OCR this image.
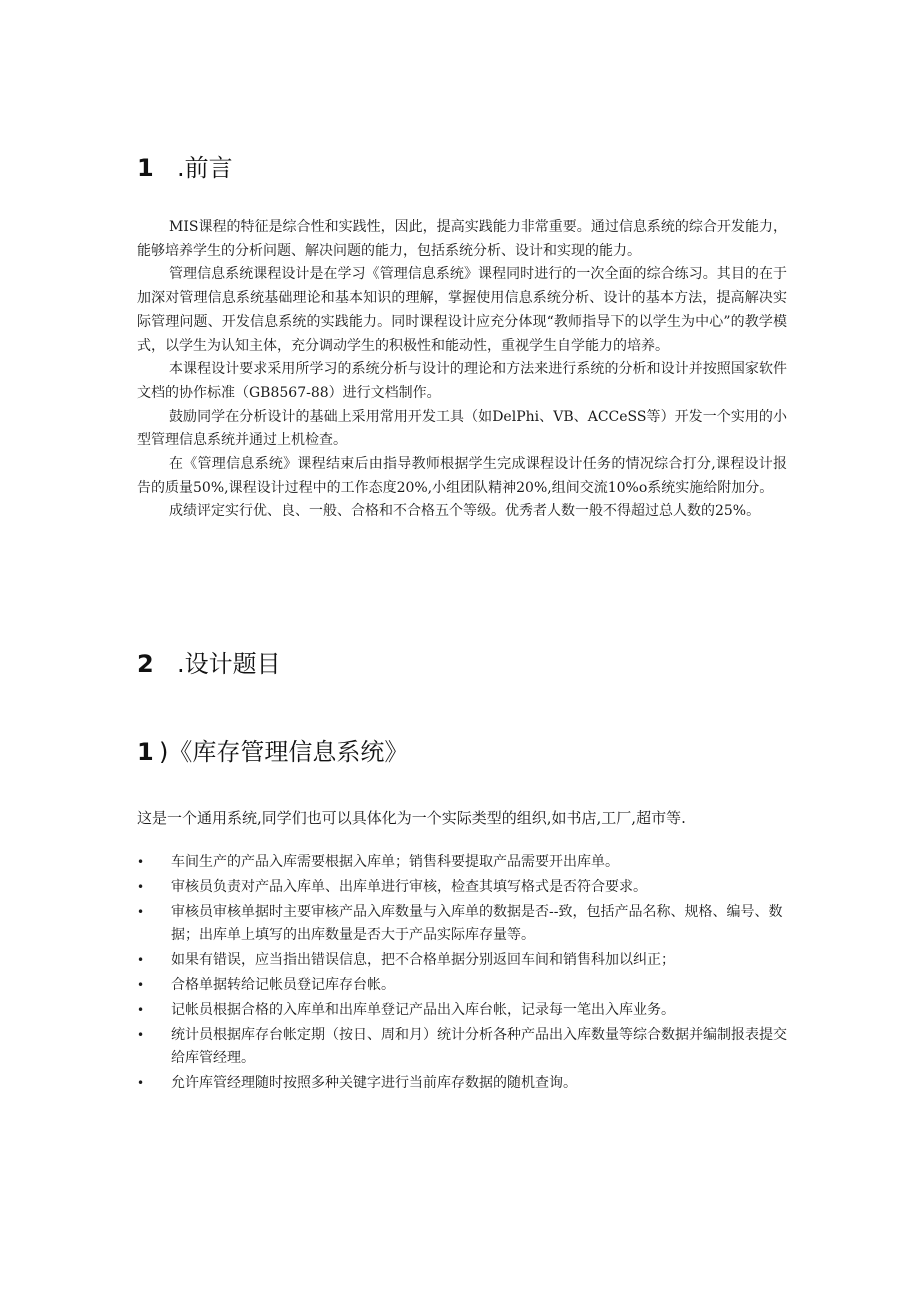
1 .前言

MIS课程的特征是综合性和实践性，因此，提高实践能力非常重要。通过信息系统的综合开发能力，能够培养学生的分析问题、解决问题的能力，包括系统分析、设计和实现的能力。

管理信息系统课程设计是在学习《管理信息系统》课程同时进行的一次全面的综合练习。其目的在于加深对管理信息系统基础理论和基本知识的理解，掌握使用信息系统分析、设计的基本方法，提高解决实际管理问题、开发信息系统的实践能力。同时课程设计应充分体现“教师指导下的以学生为中心”的教学模式，以学生为认知主体，充分调动学生的积极性和能动性，重视学生自学能力的培养。

本课程设计要求采用所学习的系统分析与设计的理论和方法来进行系统的分析和设计并按照国家软件文档的协作标准（GB8567-88）进行文档制作。

鼓励同学在分析设计的基础上采用常用开发工具（如DelPhi、VB、ACCeSS等）开发一个实用的小型管理信息系统并通过上机检查。

在《管理信息系统》课程结束后由指导教师根据学生完成课程设计任务的情况综合打分,课程设计报告的质量50%,课程设计过程中的工作态度20%,小组团队精神20%,组间交流10%o系统实施给附加分。

成绩评定实行优、良、一般、合格和不合格五个等级。优秀者人数一般不得超过总人数的25%。

2 .设计题目
1 )《库存管理信息系统》

这是一个通用系统,同学们也可以具体化为一个实际类型的组织,如书店,工厂,超市等.

• 车间生产的产品入库需要根据入库单；销售科要提取产品需要开出库单。
• 审核员负责对产品入库单、出库单进行审核，检查其填写格式是否符合要求。
• 审核员审核单据时主要审核产品入库数量与入库单的数据是否--致，包括产品名称、规格、编号、数据；出库单上填写的出库数量是否大于产品实际库存量等。
• 如果有错误，应当指出错误信息，把不合格单据分别返回车间和销售科加以纠正；
• 合格单据转给记帐员登记库存台帐。
• 记帐员根据合格的入库单和出库单登记产品出入库台帐，记录每一笔出入库业务。
• 统计员根据库存台帐定期（按日、周和月）统计分析各种产品出入库数量等综合数据并编制报表提交给库管经理。
• 允许库管经理随时按照多种关键字进行当前库存数据的随机查询。
